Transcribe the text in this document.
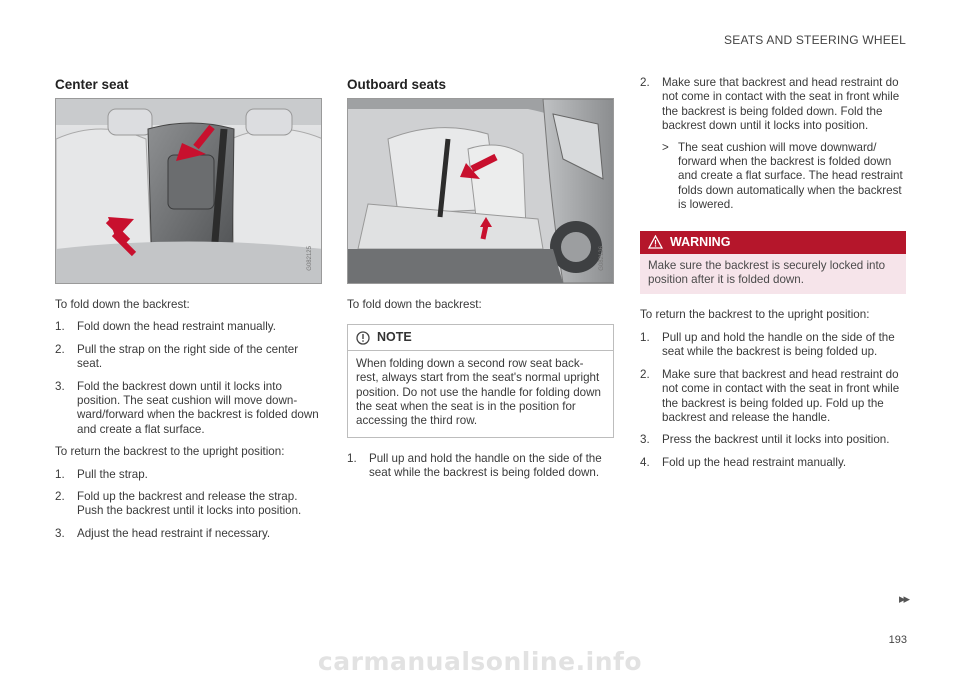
SEATS AND STEERING WHEEL
Center seat
G082125

To fold down the backrest:

1. Fold down the head restraint manually.
2. Pull the strap on the right side of the center seat.
3. Fold the backrest down until it locks into position. The seat cushion will move down-ward/forward when the backrest is folded down and create a flat surface.

To return the backrest to the upright position:

1. Pull the strap.
2. Fold up the backrest and release the strap. Push the backrest until it locks into position.
3. Adjust the head restraint if necessary.
Outboard seats
G082126

To fold down the backrest:

NOTE
When folding down a second row seat back-rest, always start from the seat's normal upright position. Do not use the handle for folding down the seat when the seat is in the position for accessing the third row.
1. Pull up and hold the handle on the side of the seat while the backrest is being folded down.
2. Make sure that backrest and head restraint do not come in contact with the seat in front while the backrest is being folded down. Fold the backrest down until it locks into position.
> The seat cushion will move downward/ forward when the backrest is folded down and create a flat surface. The head restraint folds down automatically when the backrest is lowered.
WARNING
Make sure the backrest is securely locked into position after it is folded down.

To return the backrest to the upright position:

1. Pull up and hold the handle on the side of the seat while the backrest is being folded up.
2. Make sure that backrest and head restraint do not come in contact with the seat in front while the backrest is being folded up. Fold up the backrest and release the handle.
3. Press the backrest until it locks into position.
4. Fold up the head restraint manually.
▸▸
193
carmanualsonline.info
